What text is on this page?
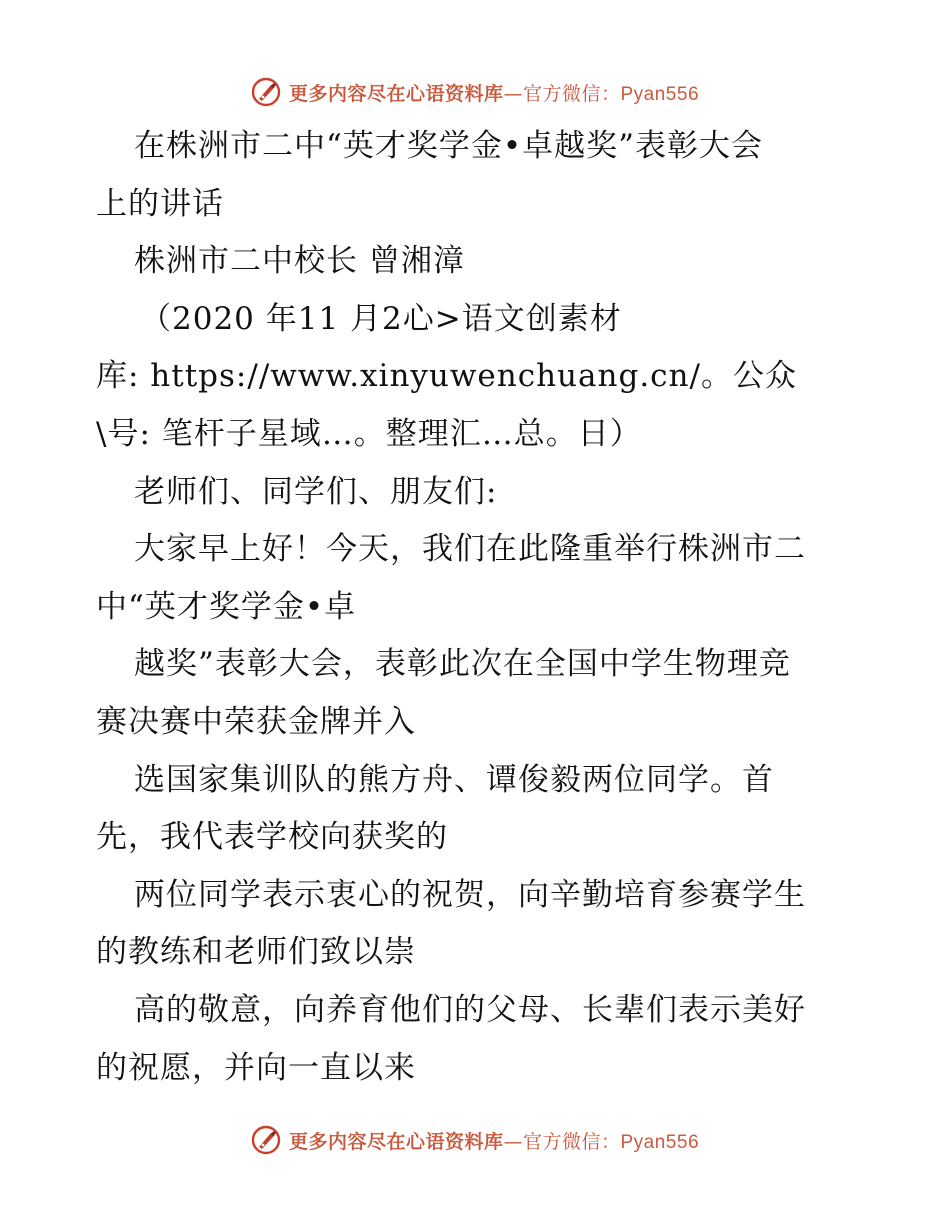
更多内容尽在心语资料库—官方微信：Pyan556
在株洲市二中“英才奖学金•卓越奖”表彰大会
上的讲话
株洲市二中校长 曾湘漳
（2020 年11 月2心>语文创素材
库: https://www.xinyuwenchuang.cn/。公众
\号: 笔杆子星域…。整理汇…总。日）
老师们、同学们、朋友们:
大家早上好！今天，我们在此隆重举行株洲市二
中“英才奖学金•卓
越奖”表彰大会，表彰此次在全国中学生物理竞
赛决赛中荣获金牌并入
选国家集训队的熊方舟、谭俊毅两位同学。首
先，我代表学校向获奖的
两位同学表示衷心的祝贺，向辛勤培育参赛学生
的教练和老师们致以崇
高的敬意，向养育他们的父母、长辈们表示美好
的祝愿，并向一直以来
更多内容尽在心语资料库—官方微信：Pyan556
